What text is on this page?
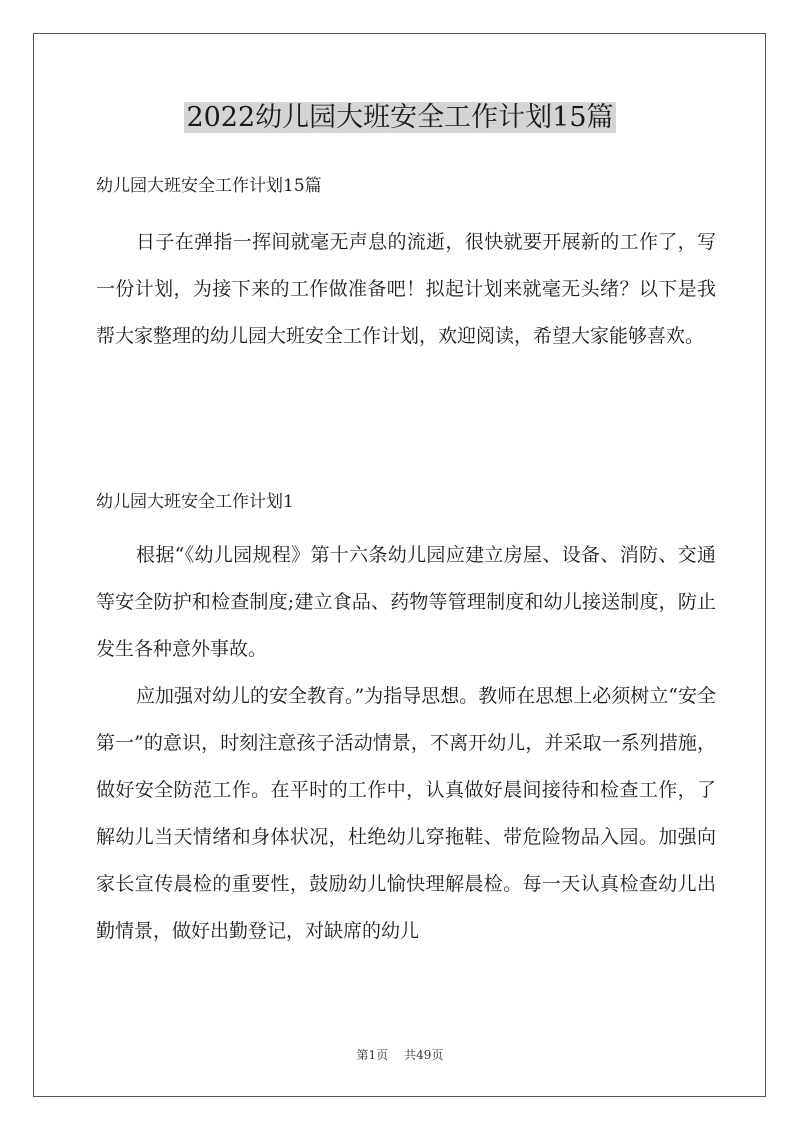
2022幼儿园大班安全工作计划15篇
幼儿园大班安全工作计划15篇

日子在弹指一挥间就毫无声息的流逝，很快就要开展新的工作了，写一份计划，为接下来的工作做准备吧！拟起计划来就毫无头绪？以下是我帮大家整理的幼儿园大班安全工作计划，欢迎阅读，希望大家能够喜欢。

幼儿园大班安全工作计划1

根据“《幼儿园规程》第十六条幼儿园应建立房屋、设备、消防、交通等安全防护和检查制度;建立食品、药物等管理制度和幼儿接送制度，防止发生各种意外事故。

应加强对幼儿的安全教育。”为指导思想。教师在思想上必须树立“安全第一”的意识，时刻注意孩子活动情景，不离开幼儿，并采取一系列措施，做好安全防范工作。在平时的工作中，认真做好晨间接待和检查工作，了解幼儿当天情绪和身体状况，杜绝幼儿穿拖鞋、带危险物品入园。加强向家长宣传晨检的重要性，鼓励幼儿愉快理解晨检。每一天认真检查幼儿出勤情景，做好出勤登记，对缺席的幼儿

第1页 共49页
